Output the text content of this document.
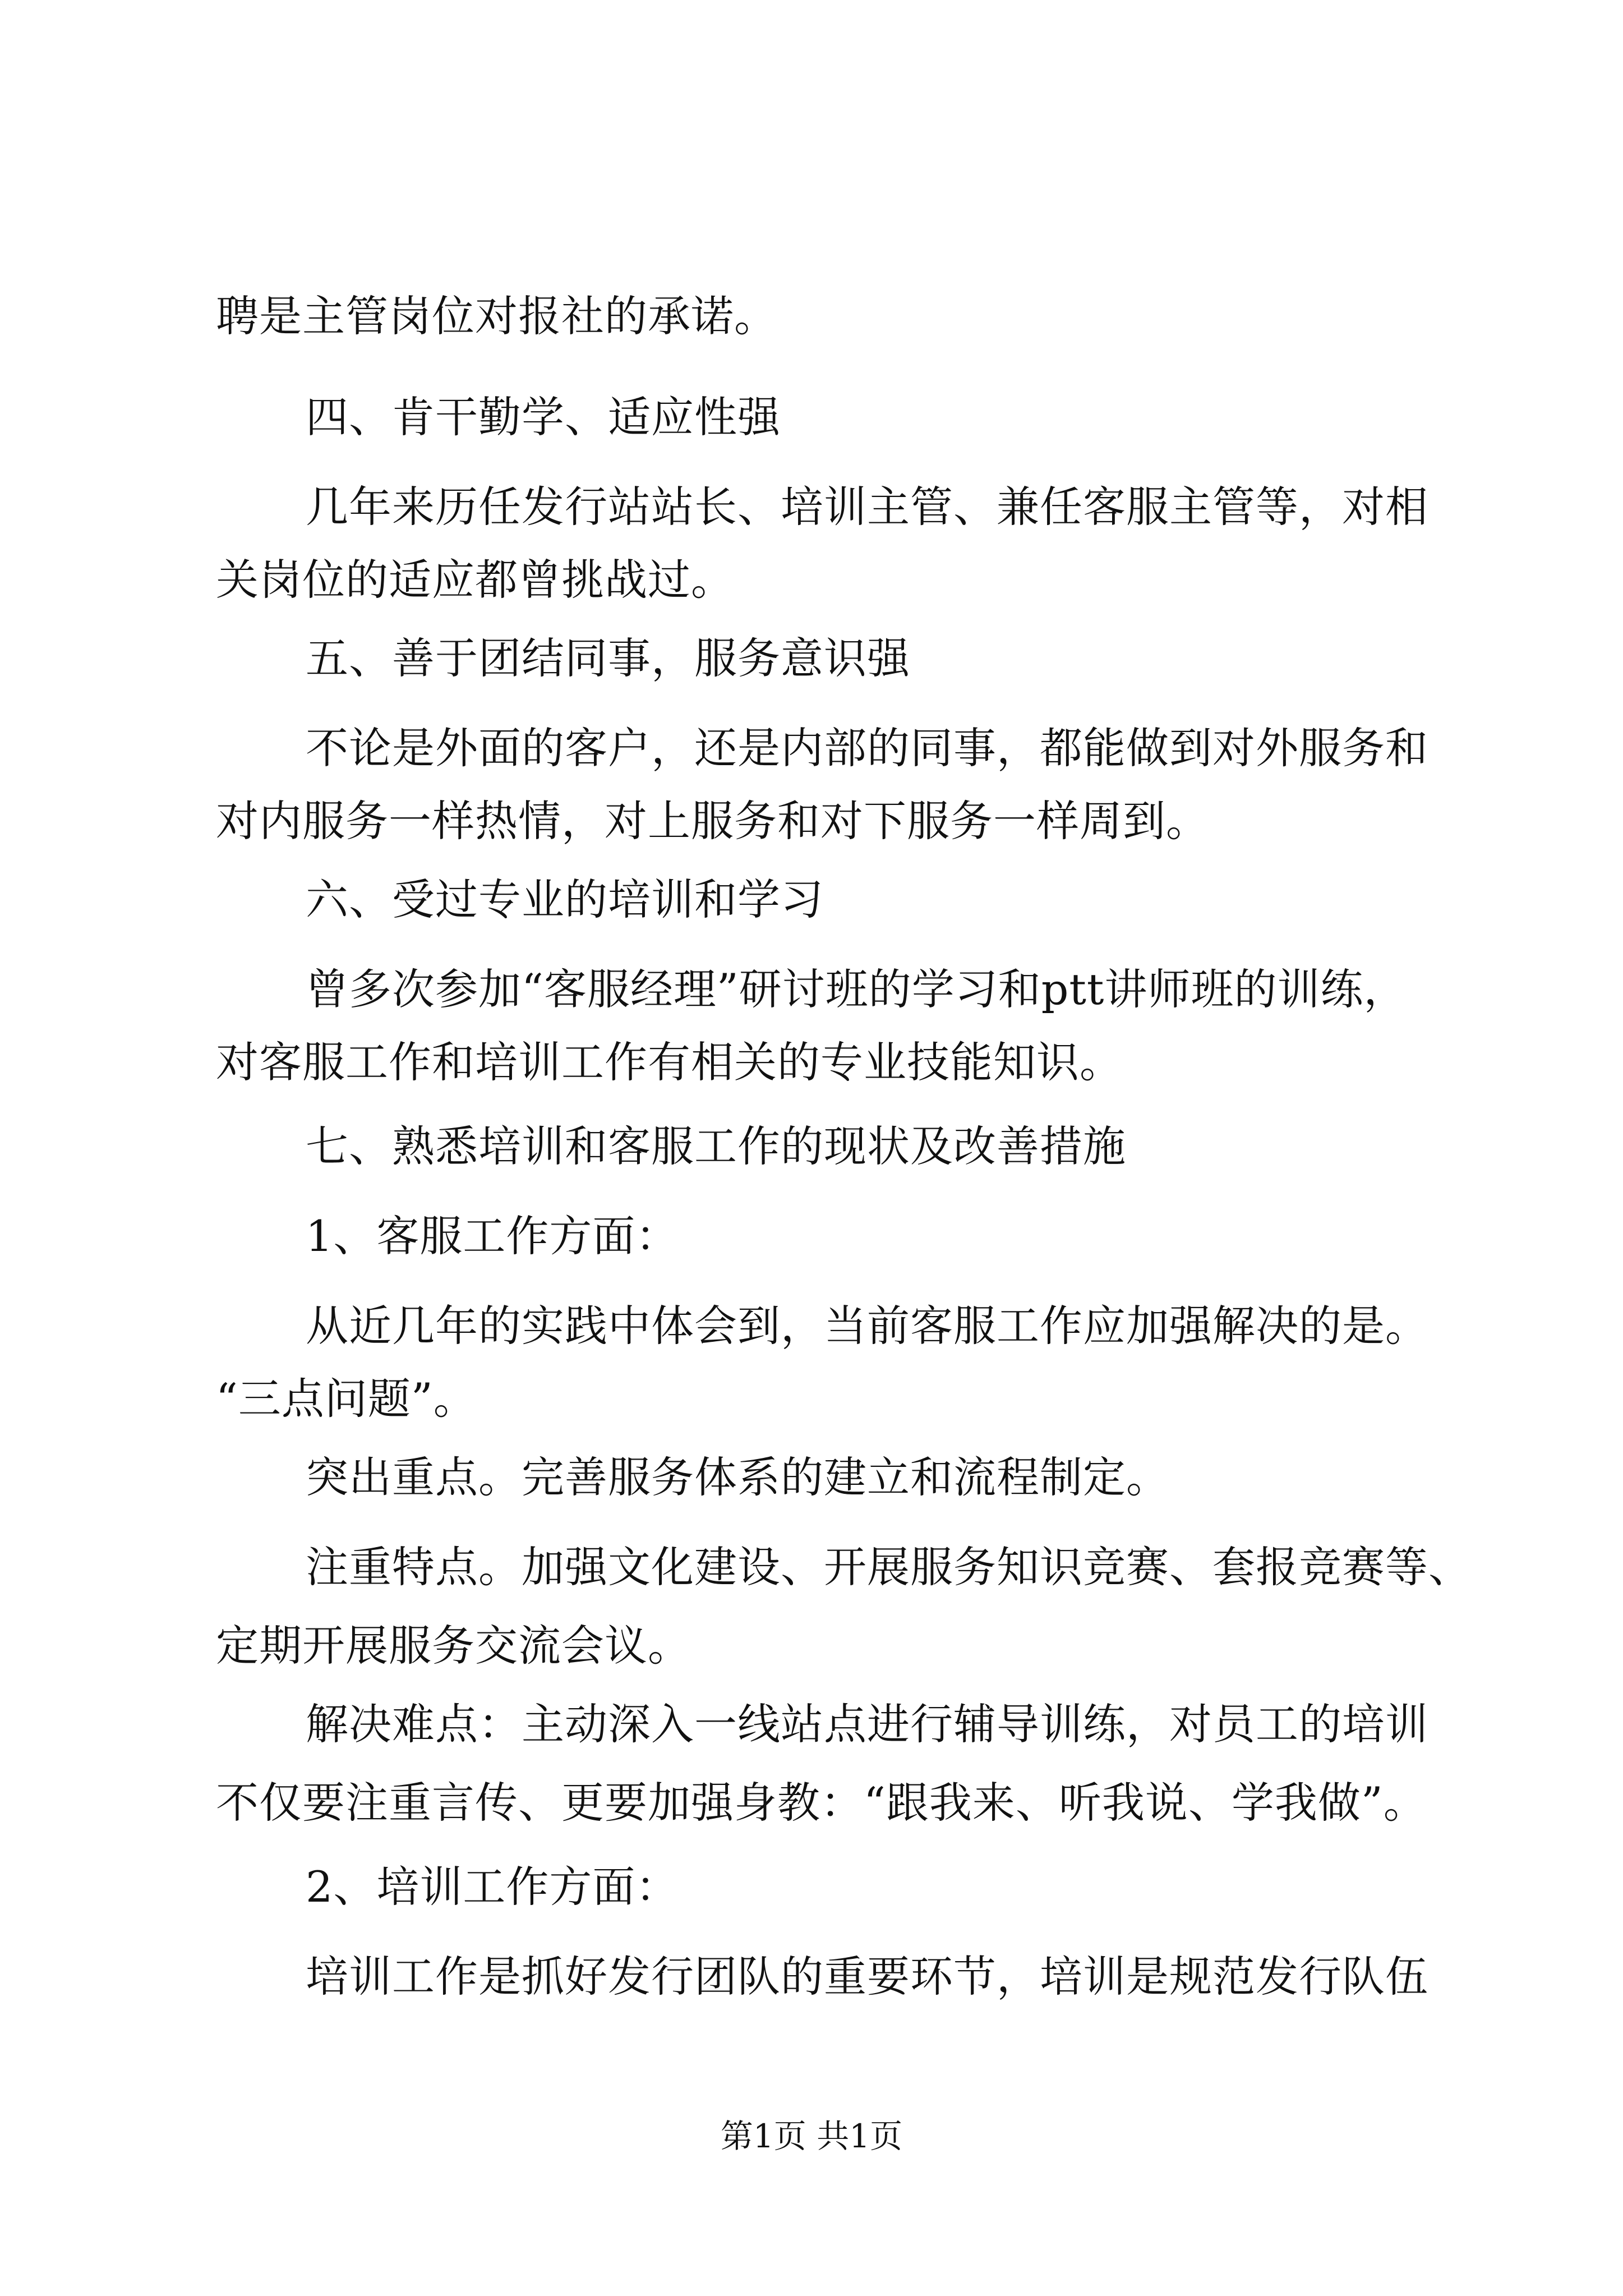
聘是主管岗位对报社的承诺。
四、肯干勤学、适应性强
几年来历任发行站站长、培训主管、兼任客服主管等，对相
关岗位的适应都曾挑战过。
五、善于团结同事，服务意识强
不论是外面的客户，还是内部的同事，都能做到对外服务和
对内服务一样热情，对上服务和对下服务一样周到。
六、受过专业的培训和学习
曾多次参加“客服经理”研讨班的学习和ptt讲师班的训练，
对客服工作和培训工作有相关的专业技能知识。
七、熟悉培训和客服工作的现状及改善措施
1、客服工作方面：
从近几年的实践中体会到，当前客服工作应加强解决的是。
“三点问题”。
突出重点。完善服务体系的建立和流程制定。
注重特点。加强文化建设、开展服务知识竞赛、套报竞赛等、
定期开展服务交流会议。
解决难点：主动深入一线站点进行辅导训练，对员工的培训
不仅要注重言传、更要加强身教：“跟我来、听我说、学我做”。
2、培训工作方面：
培训工作是抓好发行团队的重要环节，培训是规范发行队伍
第1页 共1页
